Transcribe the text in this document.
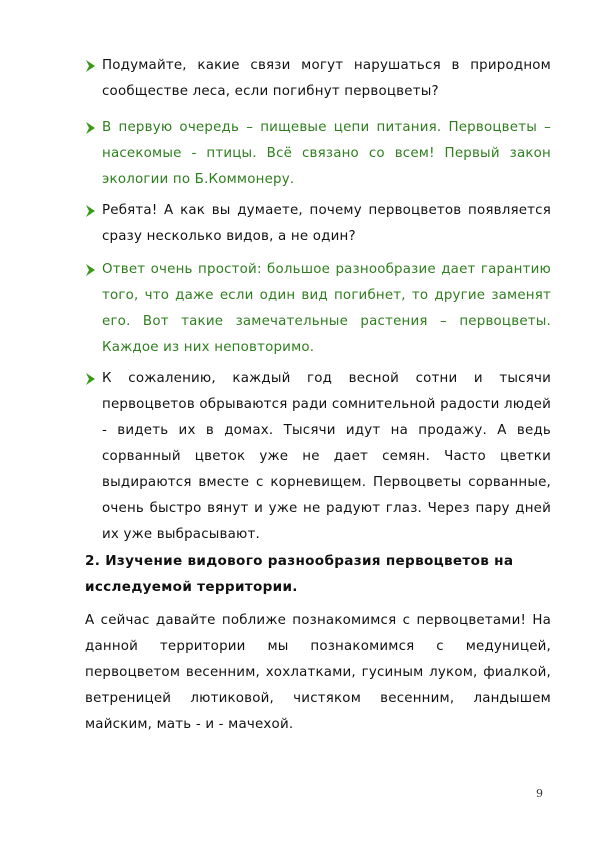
Подумайте, какие связи могут нарушаться в природном сообществе леса, если погибнут первоцветы?
В первую очередь – пищевые цепи питания. Первоцветы – насекомые - птицы. Всё связано со всем! Первый закон экологии по Б.Коммонеру.
Ребята! А как вы думаете, почему первоцветов появляется сразу несколько видов, а не один?
Ответ очень простой: большое разнообразие дает гарантию того, что даже если один вид погибнет, то другие заменят его. Вот такие замечательные растения – первоцветы. Каждое из них неповторимо.
К сожалению, каждый год весной сотни и тысячи первоцветов обрываются ради сомнительной радости людей - видеть их в домах. Тысячи идут на продажу. А ведь сорванный цветок уже не дает семян. Часто цветки выдираются вместе с корневищем. Первоцветы сорванные, очень быстро вянут и уже не радуют глаз. Через пару дней их уже выбрасывают.
2. Изучение видового разнообразия первоцветов на исследуемой территории.
А сейчас давайте поближе познакомимся с первоцветами! На данной территории мы познакомимся с медуницей, первоцветом весенним, хохлатками, гусиным луком, фиалкой, ветреницей лютиковой, чистяком весенним, ландышем майским, мать - и - мачехой.
9
